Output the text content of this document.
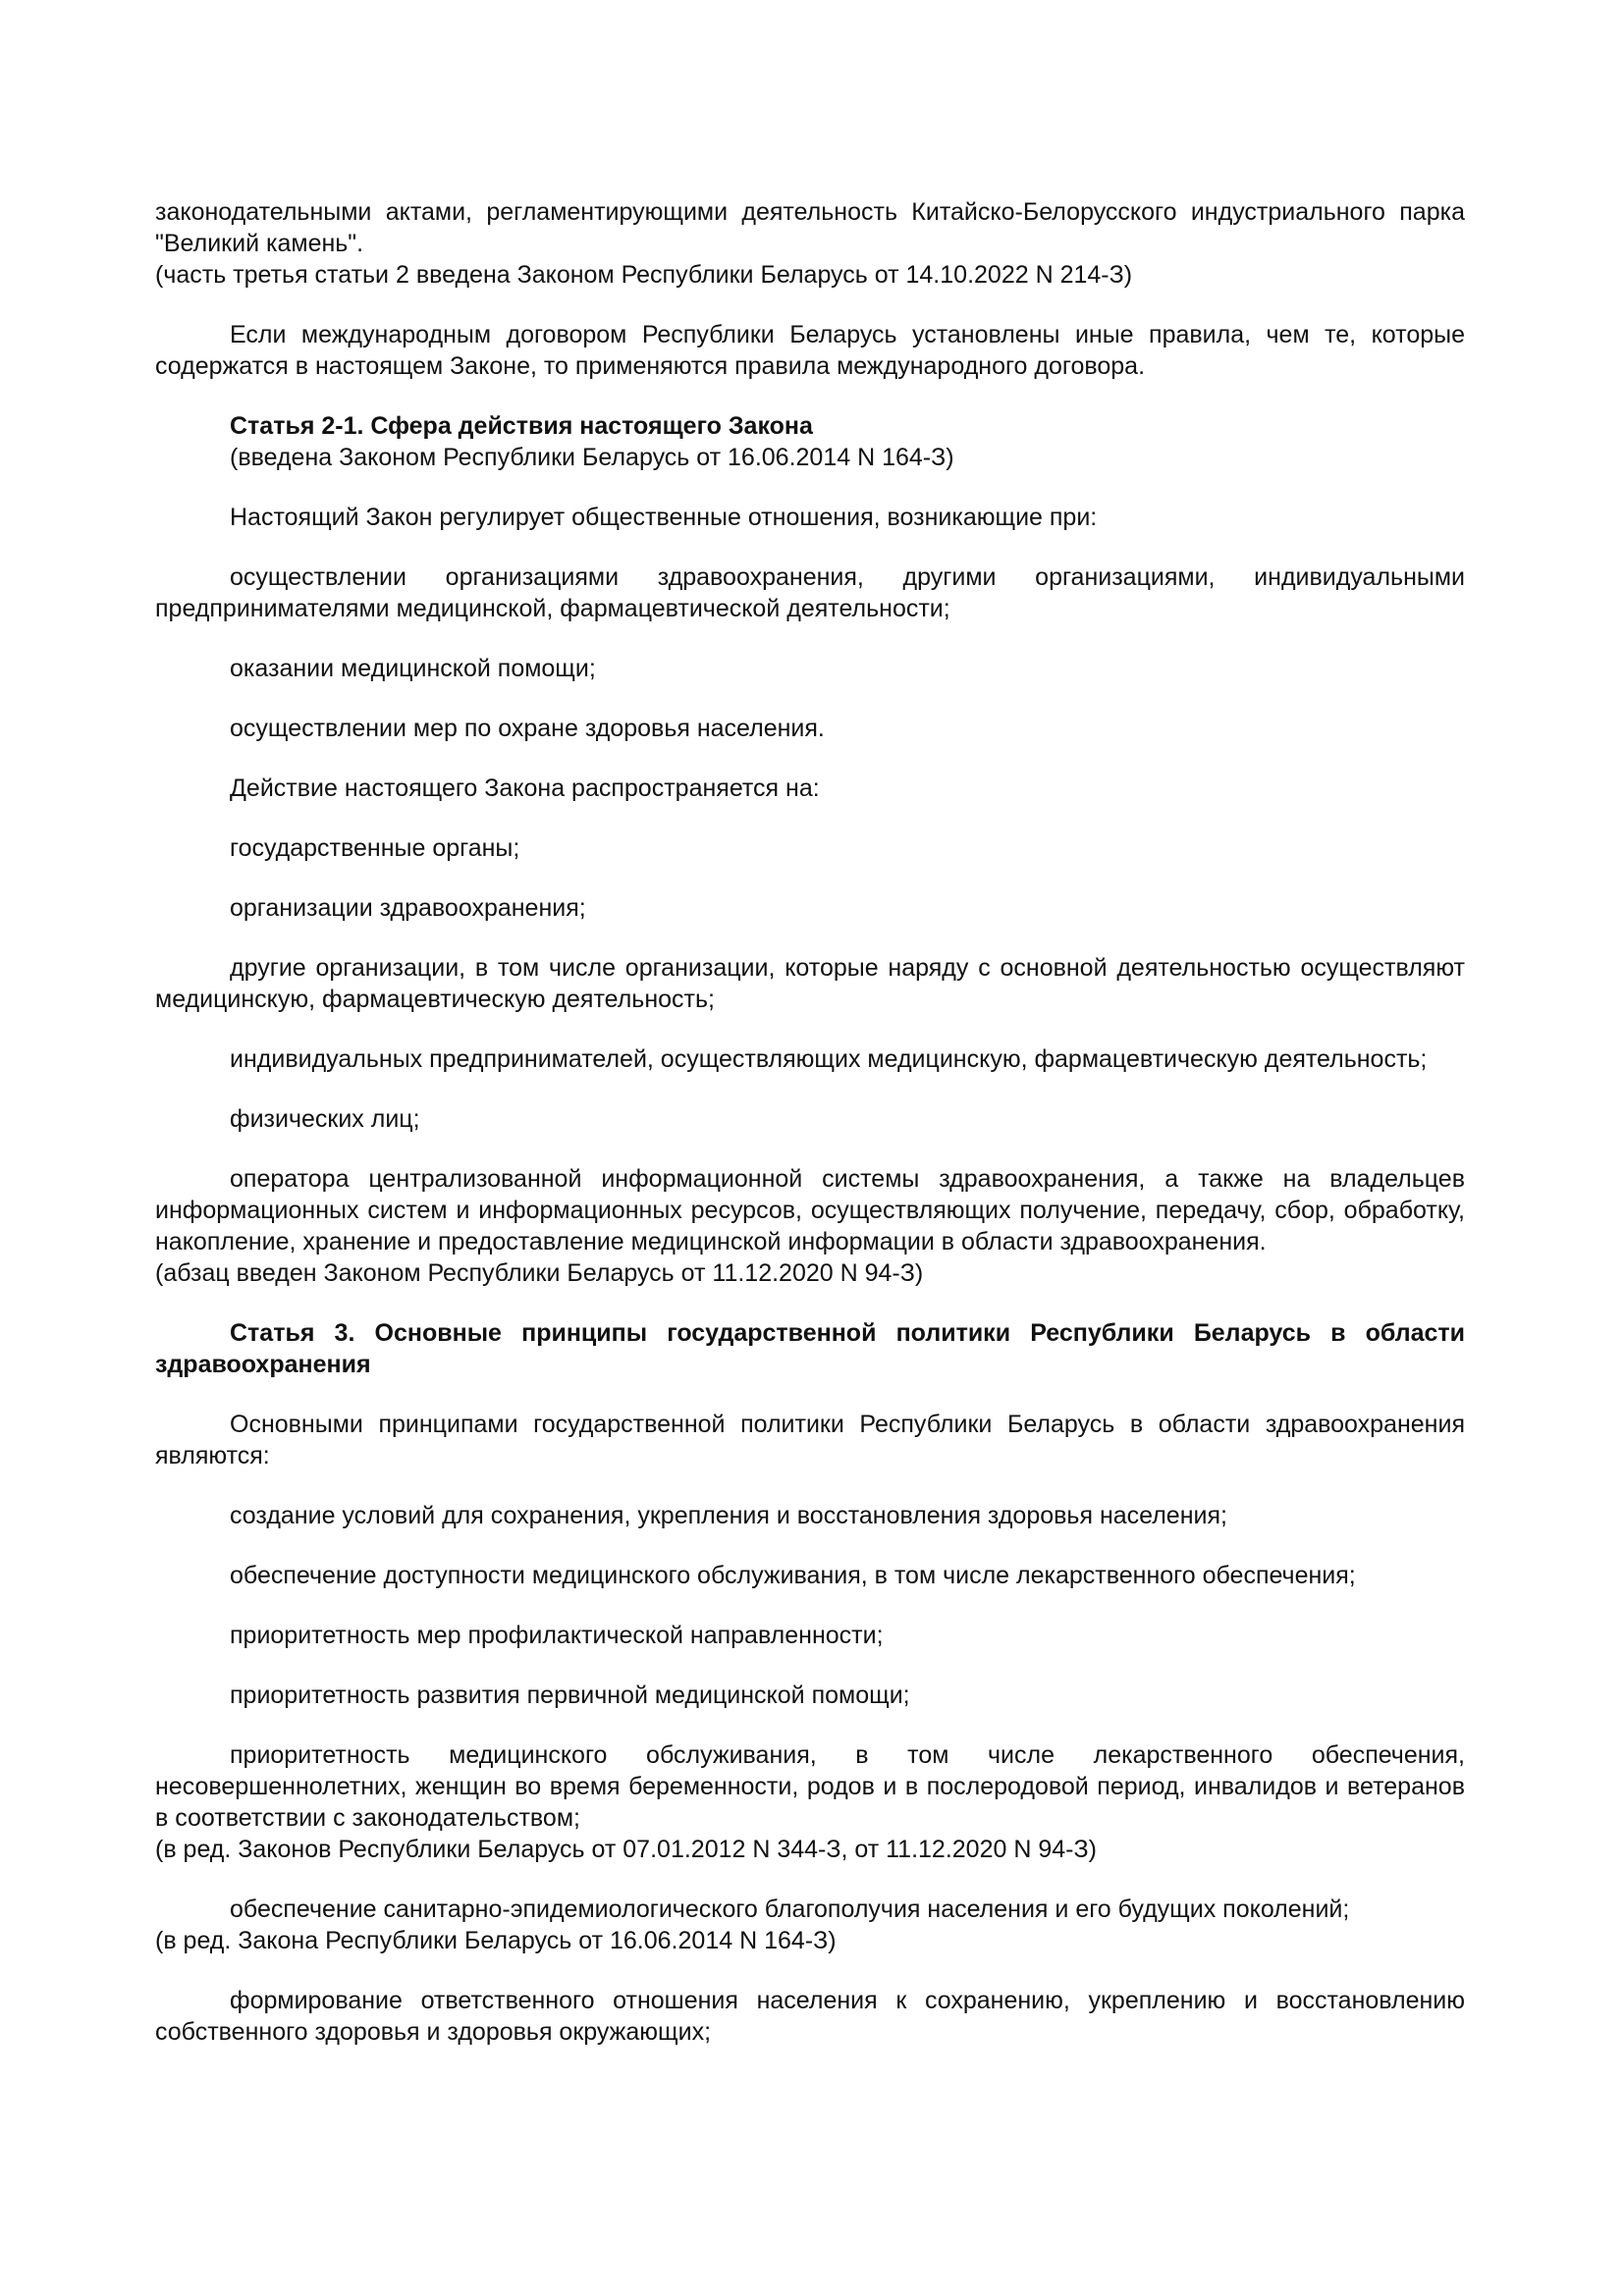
законодательными актами, регламентирующими деятельность Китайско-Белорусского индустриального парка "Великий камень".
(часть третья статьи 2 введена Законом Республики Беларусь от 14.10.2022 N 214-З)

Если международным договором Республики Беларусь установлены иные правила, чем те, которые содержатся в настоящем Законе, то применяются правила международного договора.

Статья 2-1. Сфера действия настоящего Закона
(введена Законом Республики Беларусь от 16.06.2014 N 164-З)

Настоящий Закон регулирует общественные отношения, возникающие при:

осуществлении организациями здравоохранения, другими организациями, индивидуальными предпринимателями медицинской, фармацевтической деятельности;

оказании медицинской помощи;

осуществлении мер по охране здоровья населения.

Действие настоящего Закона распространяется на:

государственные органы;

организации здравоохранения;

другие организации, в том числе организации, которые наряду с основной деятельностью осуществляют медицинскую, фармацевтическую деятельность;

индивидуальных предпринимателей, осуществляющих медицинскую, фармацевтическую деятельность;

физических лиц;

оператора централизованной информационной системы здравоохранения, а также на владельцев информационных систем и информационных ресурсов, осуществляющих получение, передачу, сбор, обработку, накопление, хранение и предоставление медицинской информации в области здравоохранения.
(абзац введен Законом Республики Беларусь от 11.12.2020 N 94-З)

Статья 3. Основные принципы государственной политики Республики Беларусь в области здравоохранения

Основными принципами государственной политики Республики Беларусь в области здравоохранения являются:

создание условий для сохранения, укрепления и восстановления здоровья населения;

обеспечение доступности медицинского обслуживания, в том числе лекарственного обеспечения;

приоритетность мер профилактической направленности;

приоритетность развития первичной медицинской помощи;

приоритетность медицинского обслуживания, в том числе лекарственного обеспечения, несовершеннолетних, женщин во время беременности, родов и в послеродовой период, инвалидов и ветеранов в соответствии с законодательством;
(в ред. Законов Республики Беларусь от 07.01.2012 N 344-З, от 11.12.2020 N 94-З)

обеспечение санитарно-эпидемиологического благополучия населения и его будущих поколений;
(в ред. Закона Республики Беларусь от 16.06.2014 N 164-З)

формирование ответственного отношения населения к сохранению, укреплению и восстановлению собственного здоровья и здоровья окружающих;
